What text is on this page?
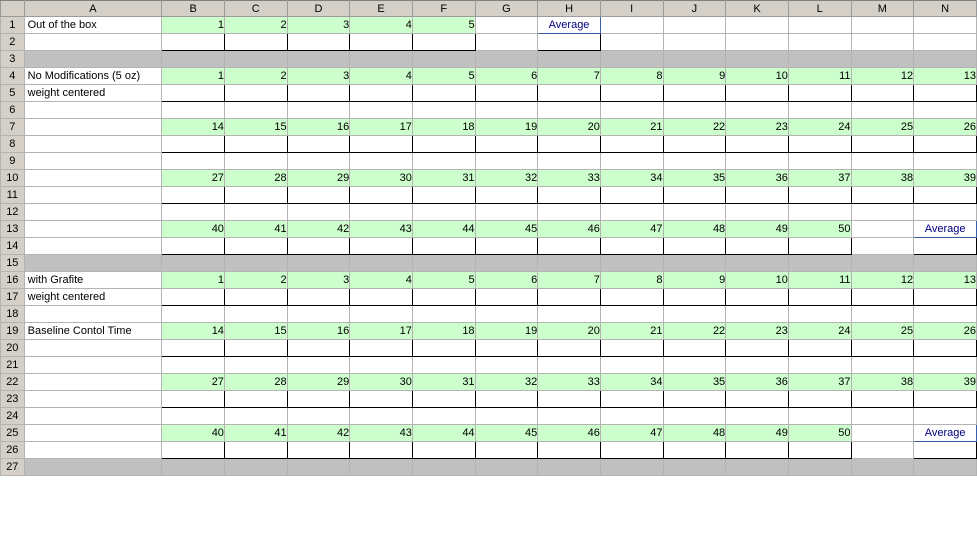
	A	B	C	D	E	F	G	H	I	J	K	L	M	N
1	Out of the box	1	2	3	4	5		Average						
2														
3														
4	No Modifications (5 oz)	1	2	3	4	5	6	7	8	9	10	11	12	13
5	weight centered													
6														
7		14	15	16	17	18	19	20	21	22	23	24	25	26
8														
9														
10		27	28	29	30	31	32	33	34	35	36	37	38	39
11														
12														
13		40	41	42	43	44	45	46	47	48	49	50		Average
14														
15														
16	with Grafite	1	2	3	4	5	6	7	8	9	10	11	12	13
17	weight centered													
18														
19	Baseline Contol Time	14	15	16	17	18	19	20	21	22	23	24	25	26
20														
21														
22		27	28	29	30	31	32	33	34	35	36	37	38	39
23														
24														
25		40	41	42	43	44	45	46	47	48	49	50		Average
26														
27														
